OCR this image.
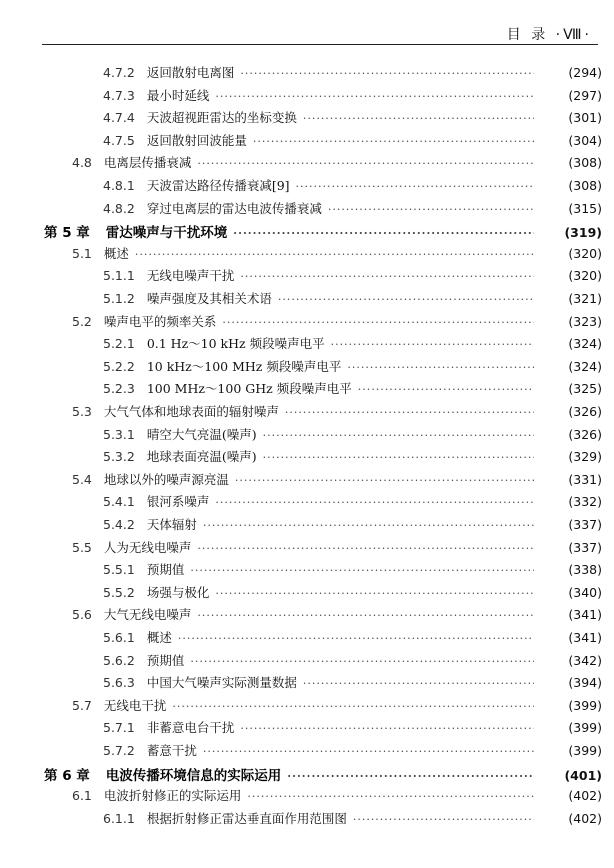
目 录 ·Ⅷ·
4.7.2 返回散射电离图 ·····	(294)
4.7.3 最小时延线 ·····	(297)
4.7.4 天波超视距雷达的坐标变换 ·····	(301)
4.7.5 返回散射回波能量 ·····	(304)
4.8 电离层传播衰减 ·····	(308)
4.8.1 天波雷达路径传播衰减[9] ·····	(308)
4.8.2 穿过电离层的雷达电波传播衰减 ·····	(315)
第 5 章 雷达噪声与干扰环境 ·····	(319)
5.1 概述 ·····	(320)
5.1.1 无线电噪声干扰 ·····	(320)
5.1.2 噪声强度及其相关术语 ·····	(321)
5.2 噪声电平的频率关系 ·····	(323)
5.2.1 0.1 Hz～10 kHz 频段噪声电平 ·····	(324)
5.2.2 10 kHz～100 MHz 频段噪声电平 ·····	(324)
5.2.3 100 MHz～100 GHz 频段噪声电平 ·····	(325)
5.3 大气气体和地球表面的辐射噪声 ·····	(326)
5.3.1 晴空大气亮温(噪声) ·····	(326)
5.3.2 地球表面亮温(噪声) ·····	(329)
5.4 地球以外的噪声源亮温 ·····	(331)
5.4.1 银河系噪声 ·····	(332)
5.4.2 天体辐射 ·····	(337)
5.5 人为无线电噪声 ·····	(337)
5.5.1 预期值 ·····	(338)
5.5.2 场强与极化 ·····	(340)
5.6 大气无线电噪声 ·····	(341)
5.6.1 概述 ·····	(341)
5.6.2 预期值 ·····	(342)
5.6.3 中国大气噪声实际测量数据 ·····	(394)
5.7 无线电干扰 ·····	(399)
5.7.1 非蓄意电台干扰 ·····	(399)
5.7.2 蓄意干扰 ·····	(399)
第 6 章 电波传播环境信息的实际运用 ·····	(401)
6.1 电波折射修正的实际运用 ·····	(402)
6.1.1 根据折射修正雷达垂直面作用范围图 ·····	(402)
